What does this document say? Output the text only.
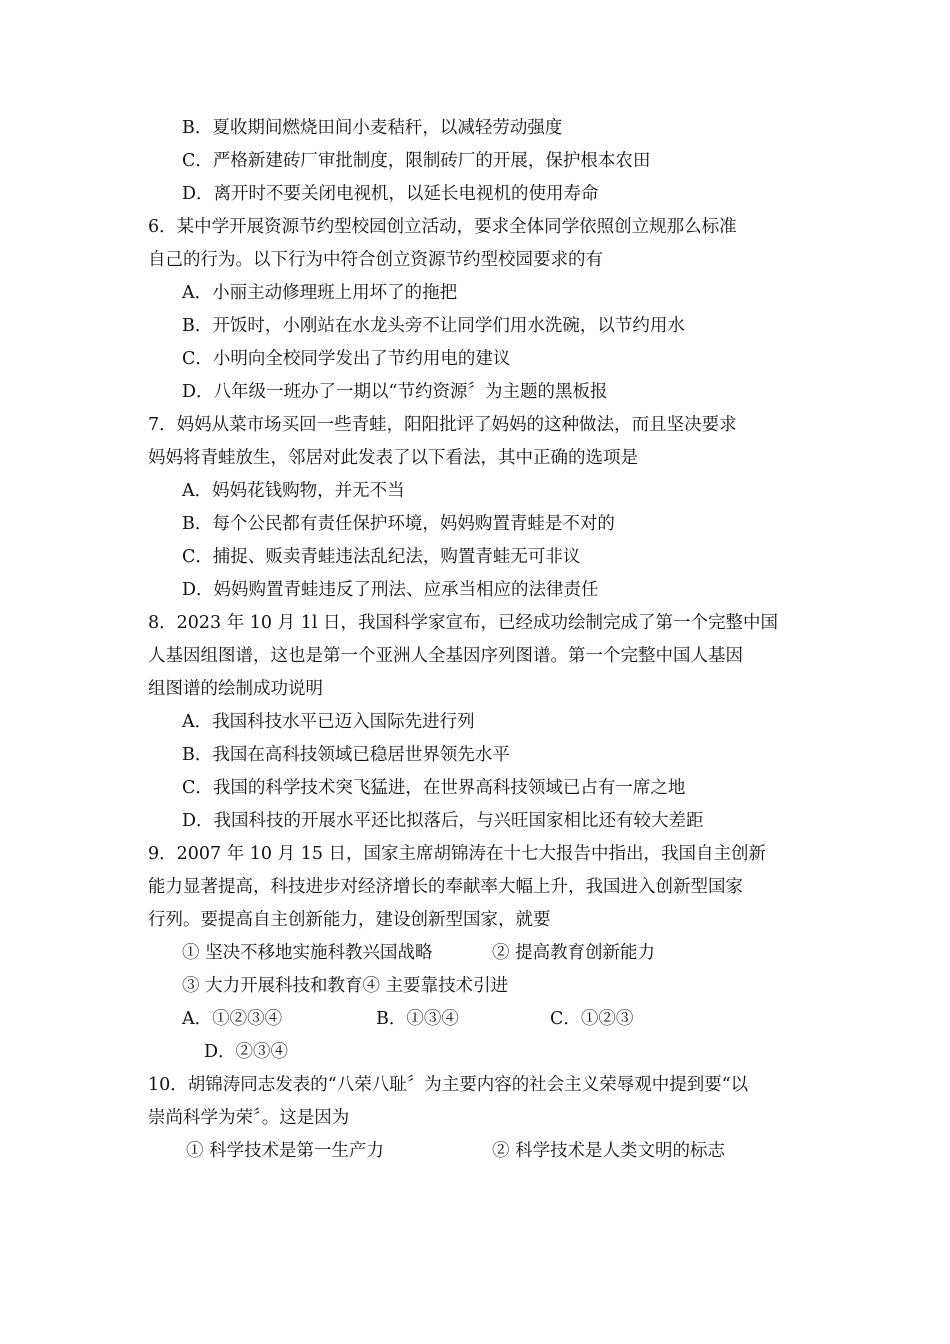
B．夏收期间燃烧田间小麦秸秆，以减轻劳动强度
C．严格新建砖厂审批制度，限制砖厂的开展，保护根本农田
D．离开时不要关闭电视机，以延长电视机的使用寿命
6．某中学开展资源节约型校园创立活动，要求全体同学依照创立规那么标准
自己的行为。以下行为中符合创立资源节约型校园要求的有
A．小丽主动修理班上用坏了的拖把
B．开饭时，小刚站在水龙头旁不让同学们用水洗碗，以节约用水
C．小明向全校同学发出了节约用电的建议
D．八年级一班办了一期以“节约资源〞为主题的黑板报
7．妈妈从菜市场买回一些青蛙，阳阳批评了妈妈的这种做法，而且坚决要求
妈妈将青蛙放生，邻居对此发表了以下看法，其中正确的选项是
A．妈妈花钱购物，并无不当
B．每个公民都有责任保护环境，妈妈购置青蛙是不对的
C．捕捉、贩卖青蛙违法乱纪法，购置青蛙无可非议
D．妈妈购置青蛙违反了刑法、应承当相应的法律责任
8．2023 年 10 月 1l 日，我国科学家宣布，已经成功绘制完成了第一个完整中国
人基因组图谱，这也是第一个亚洲人全基因序列图谱。第一个完整中国人基因
组图谱的绘制成功说明
A．我国科技水平已迈入国际先进行列
B．我国在高科技领域已稳居世界领先水平
C．我国的科学技术突飞猛进，在世界高科技领域已占有一席之地
D．我国科技的开展水平还比拟落后，与兴旺国家相比还有较大差距
9．2007 年 10 月 15 日，国家主席胡锦涛在十七大报告中指出，我国自主创新
能力显著提高，科技进步对经济增长的奉献率大幅上升，我国进入创新型国家
行列。要提高自主创新能力，建设创新型国家，就要
① 坚决不移地实施科教兴国战略	② 提高教育创新能力
③ 大力开展科技和教育④ 主要靠技术引进
A．①②③④	B．①③④	C．①②③
D．②③④
10．胡锦涛同志发表的“八荣八耻〞为主要内容的社会主义荣辱观中提到要“以
崇尚科学为荣〞。这是因为
① 科学技术是第一生产力	② 科学技术是人类文明的标志
